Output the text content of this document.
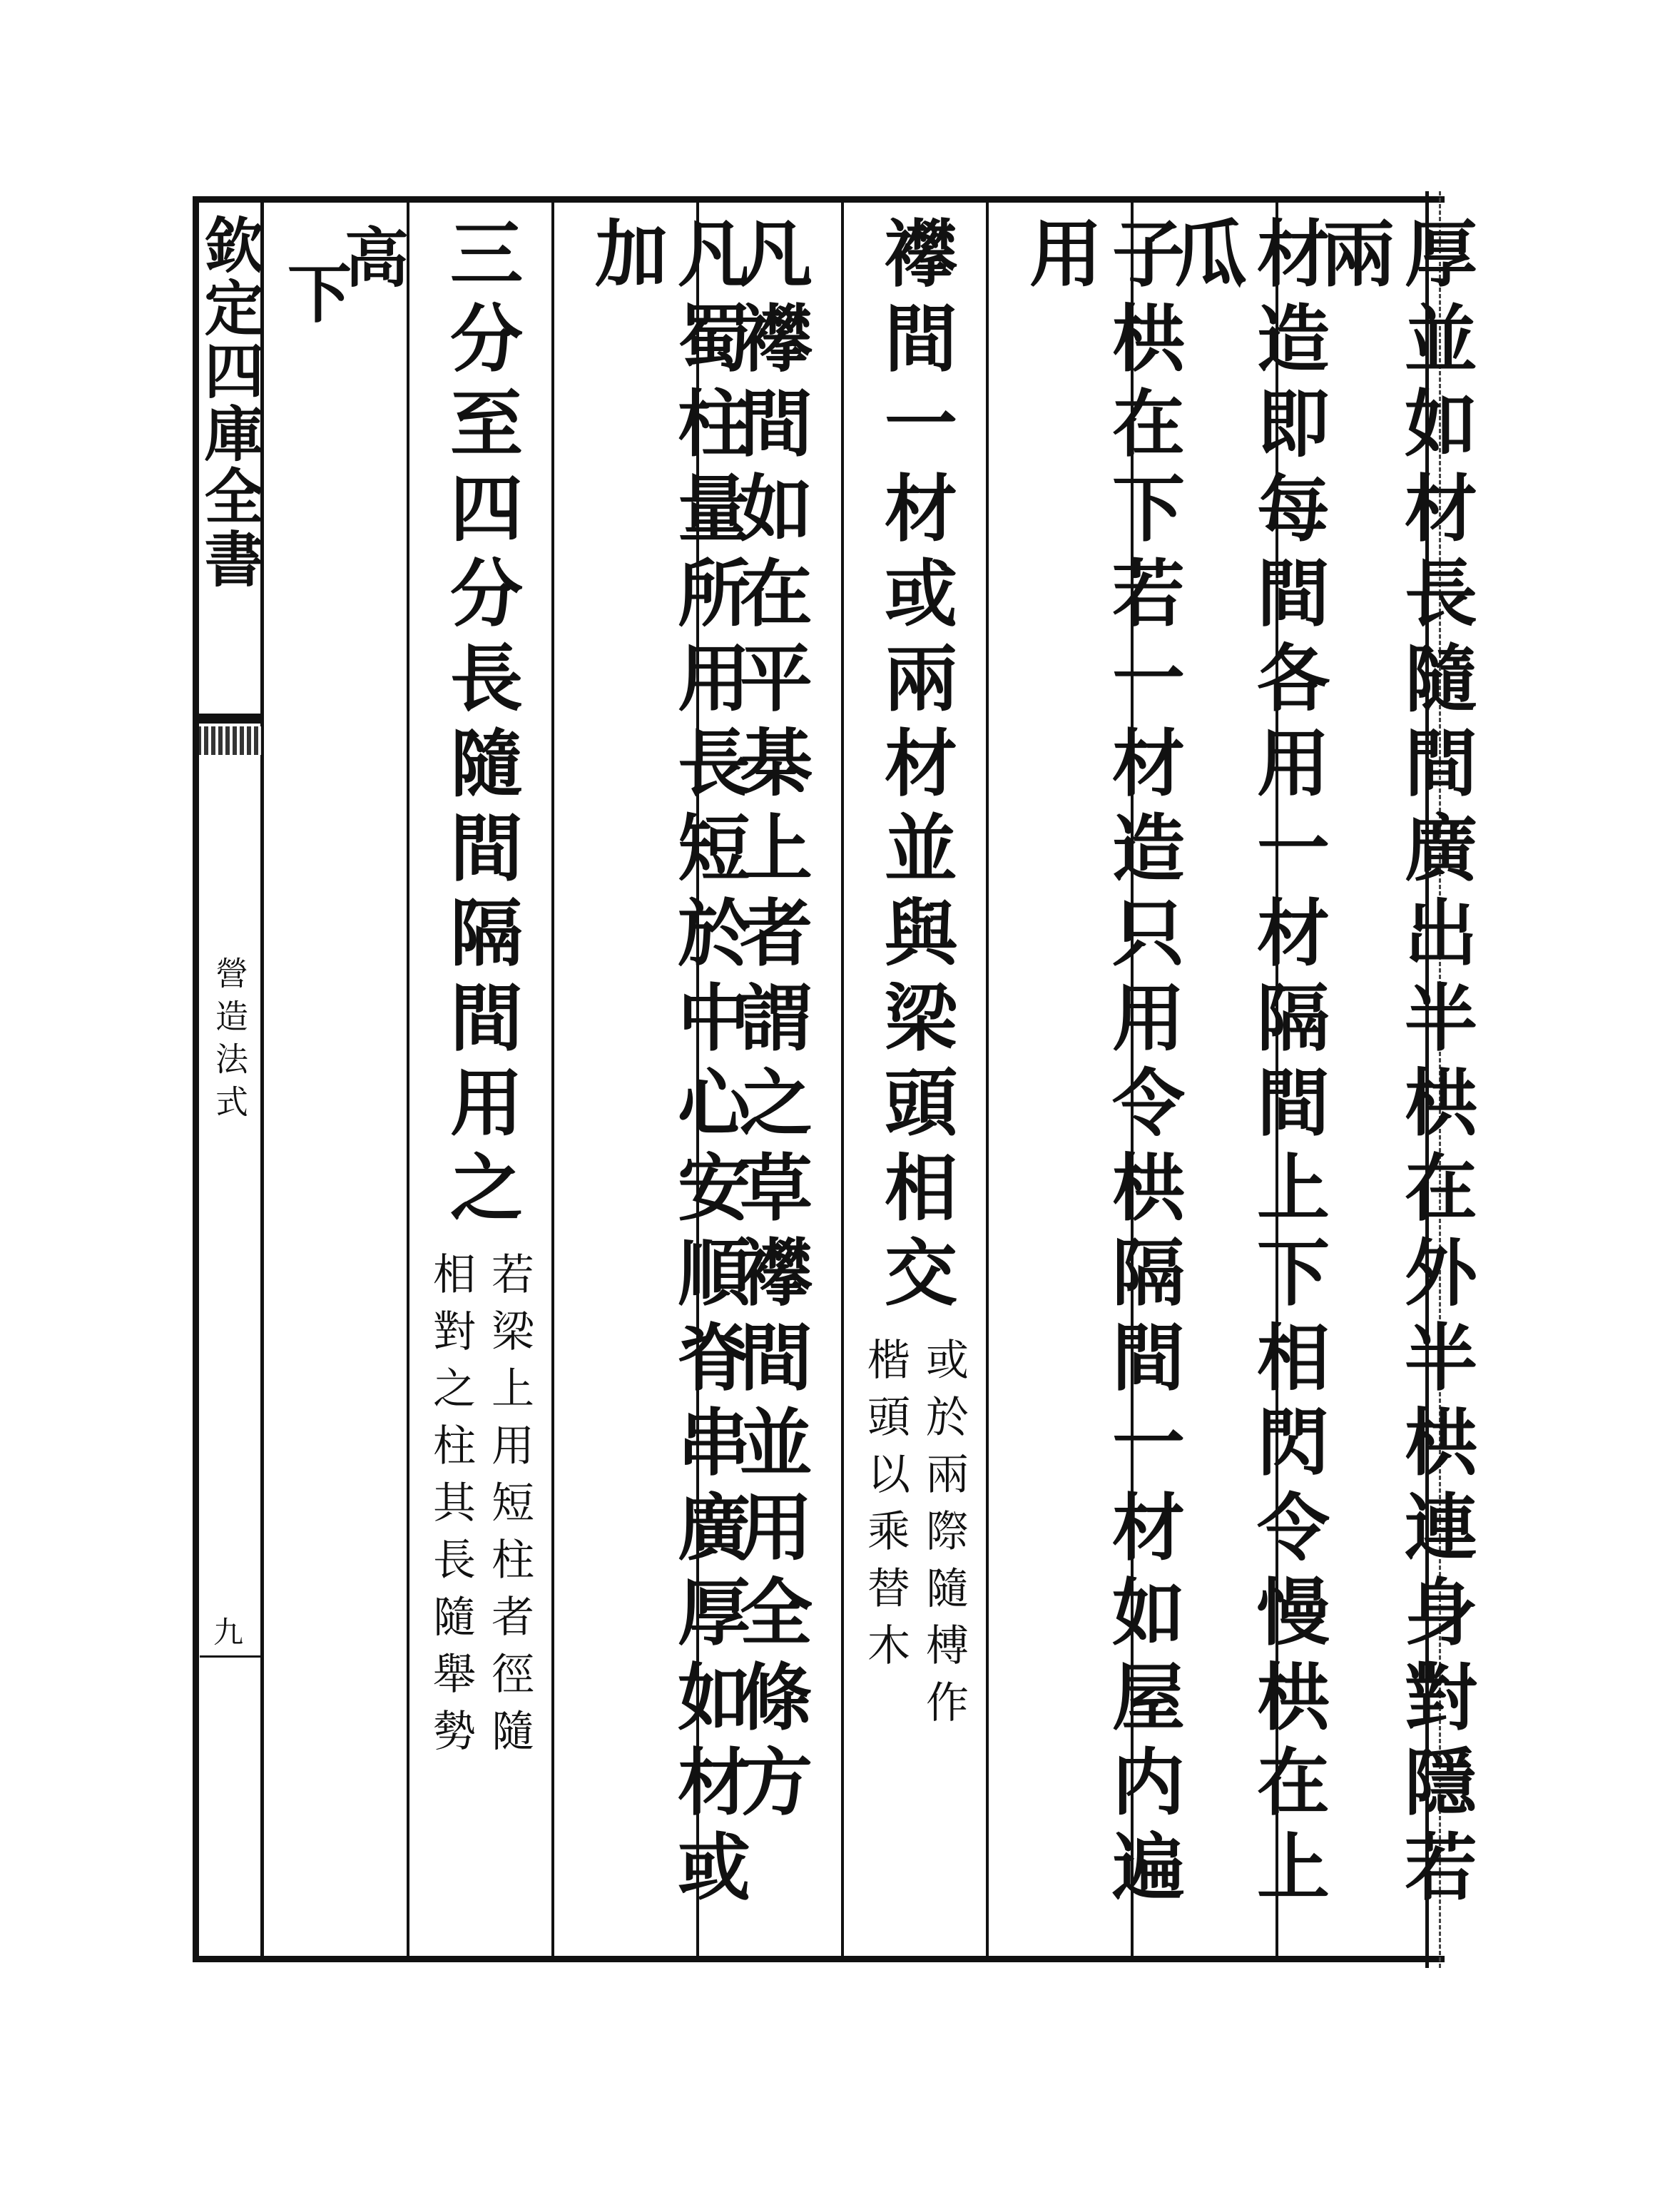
欽定四庫全書
營造法式
九
高
下 三分至四分長隨間隔間用之
若梁上用短柱者徑隨
相對之柱其長隨舉勢	凡蜀柱量所用長短於中心安順脊串廣厚如材或加 凡襻間如在平棊上者謂之草襻間並用全條方 襻間一材或兩材並與梁頭相交
或於兩際隨榑作
楷頭以乘替木	子栱在下若一材造只用令栱隔間一材如屋内遍用	材造即每間各用一材隔間上下相閃令慢栱在上瓜	厚並如材長隨間廣出半栱在外半栱連身對隱若兩
